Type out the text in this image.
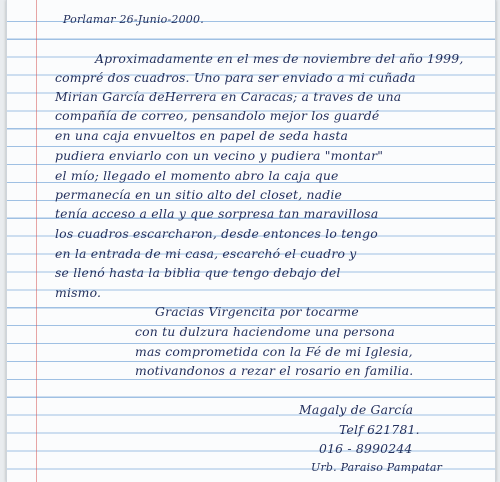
Porlamar 26-Junio-2000.
Aproximadamente en el mes de noviembre del año 1999,
compré dos cuadros. Uno para ser enviado a mi cuñada
Mirian García deHerrera en Caracas; a traves de una
compañía de correo, pensandolo mejor los guardé
en una caja envueltos en papel de seda hasta
pudiera enviarlo con un vecino y pudiera "montar"
el mío; llegado el momento abro la caja que
permanecía en un sitio alto del closet, nadie
tenía acceso a ella y que sorpresa tan maravillosa
los cuadros escarcharon, desde entonces lo tengo
en la entrada de mi casa, escarchó el cuadro y
se llenó hasta la biblia que tengo debajo del
mismo.
Gracias Virgencita por tocarme
con tu dulzura haciendome una persona
mas comprometida con la Fé de mi Iglesia,
motivandonos a rezar el rosario en familia.
Magaly de García
Telf 621781.
016 - 8990244
Urb. Paraiso Pampatar
